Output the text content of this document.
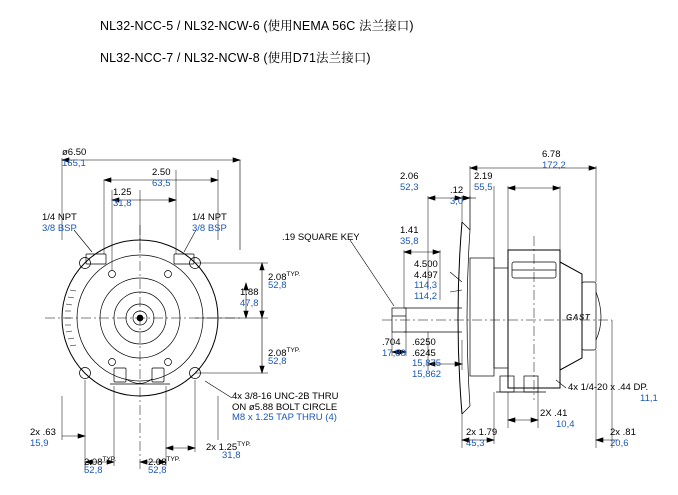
NL32-NCC-5 / NL32-NCW-6 (使用NEMA 56C 法兰接口)
NL32-NCC-7 / NL32-NCW-8 (使用D71法兰接口)
ø6.50
165,1
2.50
63,5
1.25
31,8
1/4 NPT
3/8 BSP
1/4 NPT
3/8 BSP
$2.08^{TYP.}$
52,8
1.88
47,8
$2.08^{TYP.}$
52,8
4x 3/8-16 UNC-2B THRU
ON ø5.88 BOLT CIRCLE
M8 x 1.25 TAP THRU (4)
2x .63
15,9
$2.08^{TYP.}$
52,8
$2.08^{TYP.}$
52,8
2x $1.25^{TYP.}$
31,8
2.06
52,3	.12
3,0
2.19
55,5
6.78
172,2
1.41
35,8
.19 SQUARE KEY
4.500
4.497
114,3
114,2
.704
17,88
.6250
.6245
15,875
15,862
4x 1/4-20 x .44 DP.
11,1
2X .41
10,4
2x 1.79
45,3
2x .81
20,6
GAST
